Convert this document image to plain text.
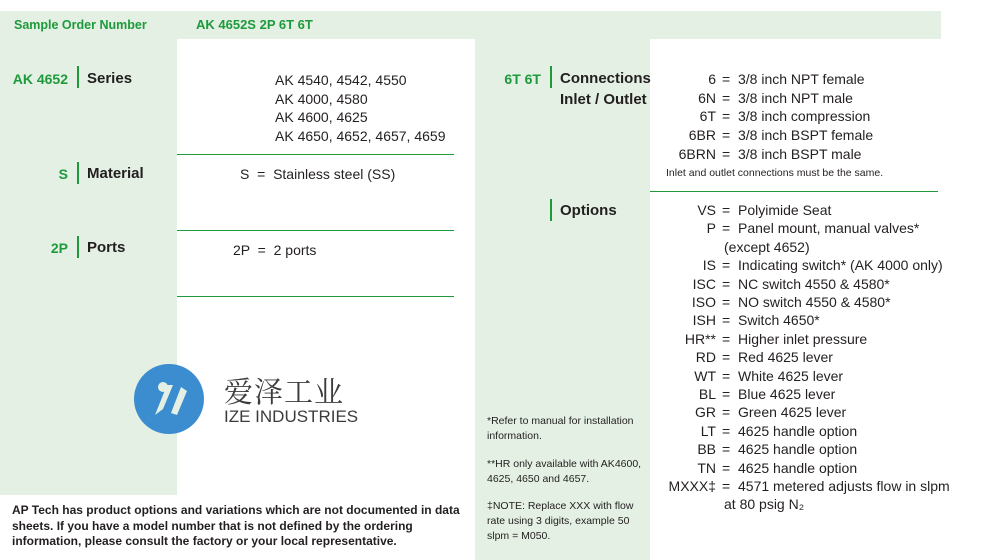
Sample Order Number	AK 4652S 2P 6T 6T
AK 4652 Series	AK 4540, 4542, 4550
AK 4000, 4580
AK 4600, 4625
AK 4650, 4652, 4657, 4659
S Material	S  =  Stainless steel (SS)
2P Ports	2P  =  2 ports
爱泽工业
IZE INDUSTRIES
AP Tech has product options and variations which are not documented in data sheets. If you have a model number that is not defined by the ordering information, please consult the factory or your local representative.
6T 6T Connections
Inlet / Outlet
6 = 3/8 inch NPT female
6N = 3/8 inch NPT male
6T = 3/8 inch compression
6BR = 3/8 inch BSPT female
6BRN = 3/8 inch BSPT male
Inlet and outlet connections must be the same.
Options	VS = Polyimide Seat
P = Panel mount, manual valves*
(except 4652)
IS = Indicating switch* (AK 4000 only)
ISC = NC switch 4550 & 4580*
ISO = NO switch 4550 & 4580*
ISH = Switch 4650*
HR** = Higher inlet pressure
RD = Red 4625 lever
WT = White 4625 lever
BL = Blue 4625 lever
GR = Green 4625 lever
LT = 4625 handle option
BB = 4625 handle option
TN = 4625 handle option
MXXX‡ = 4571 metered adjusts flow in slpm
at 80 psig N₂
*Refer to manual for installation information.
**HR only available with AK4600, 4625, 4650 and 4657.
‡NOTE: Replace XXX with flow rate using 3 digits, example 50 slpm = M050.
